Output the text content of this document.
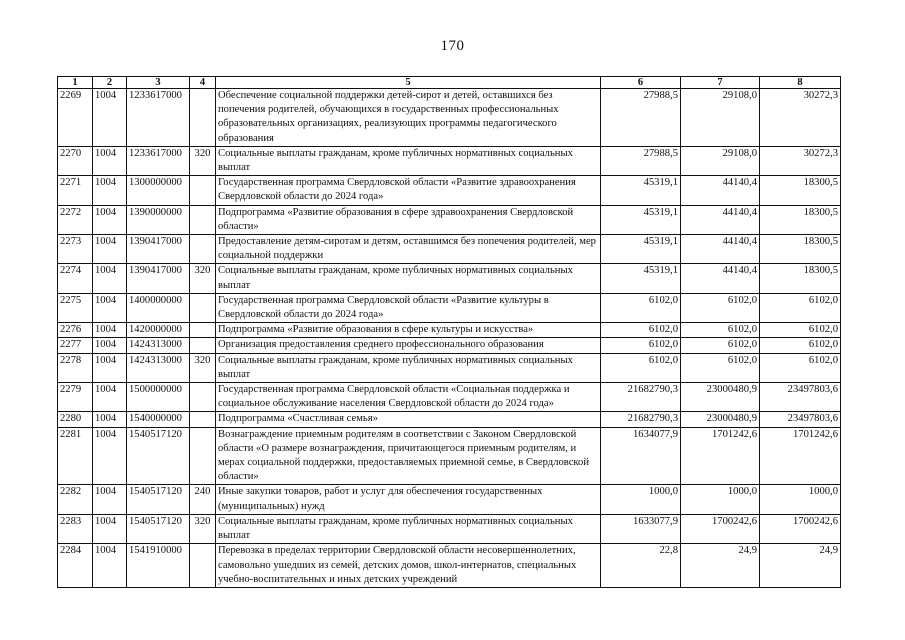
170
1	2	3	4	5	6	7	8
2269	1004	1233617000		Обеспечение социальной поддержки детей-сирот и детей, оставшихся без попечения родителей, обучающихся в государственных профессиональных образовательных организациях, реализующих программы педагогического образования	27988,5	29108,0	30272,3
2270	1004	1233617000	320	Социальные выплаты гражданам, кроме публичных нормативных социальных выплат	27988,5	29108,0	30272,3
2271	1004	1300000000		Государственная программа Свердловской области «Развитие здравоохранения Свердловской области до 2024 года»	45319,1	44140,4	18300,5
2272	1004	1390000000		Подпрограмма «Развитие образования в сфере здравоохранения Свердловской области»	45319,1	44140,4	18300,5
2273	1004	1390417000		Предоставление детям-сиротам и детям, оставшимся без попечения родителей, мер социальной поддержки	45319,1	44140,4	18300,5
2274	1004	1390417000	320	Социальные выплаты гражданам, кроме публичных нормативных социальных выплат	45319,1	44140,4	18300,5
2275	1004	1400000000		Государственная программа Свердловской области «Развитие культуры в Свердловской области до 2024 года»	6102,0	6102,0	6102,0
2276	1004	1420000000		Подпрограмма «Развитие образования в сфере культуры и искусства»	6102,0	6102,0	6102,0
2277	1004	1424313000		Организация предоставления среднего профессионального образования	6102,0	6102,0	6102,0
2278	1004	1424313000	320	Социальные выплаты гражданам, кроме публичных нормативных социальных выплат	6102,0	6102,0	6102,0
2279	1004	1500000000		Государственная программа Свердловской области «Социальная поддержка и социальное обслуживание населения Свердловской области до 2024 года»	21682790,3	23000480,9	23497803,6
2280	1004	1540000000		Подпрограмма «Счастливая семья»	21682790,3	23000480,9	23497803,6
2281	1004	1540517120		Вознаграждение приемным родителям в соответствии с Законом Свердловской области «О размере вознаграждения, причитающегося приемным родителям, и мерах социальной поддержки, предоставляемых приемной семье, в Свердловской области»	1634077,9	1701242,6	1701242,6
2282	1004	1540517120	240	Иные закупки товаров, работ и услуг для обеспечения государственных (муниципальных) нужд	1000,0	1000,0	1000,0
2283	1004	1540517120	320	Социальные выплаты гражданам, кроме публичных нормативных социальных выплат	1633077,9	1700242,6	1700242,6
2284	1004	1541910000		Перевозка в пределах территории Свердловской области несовершеннолетних, самовольно ушедших из семей, детских домов, школ-интернатов, специальных учебно-воспитательных и иных детских учреждений	22,8	24,9	24,9
